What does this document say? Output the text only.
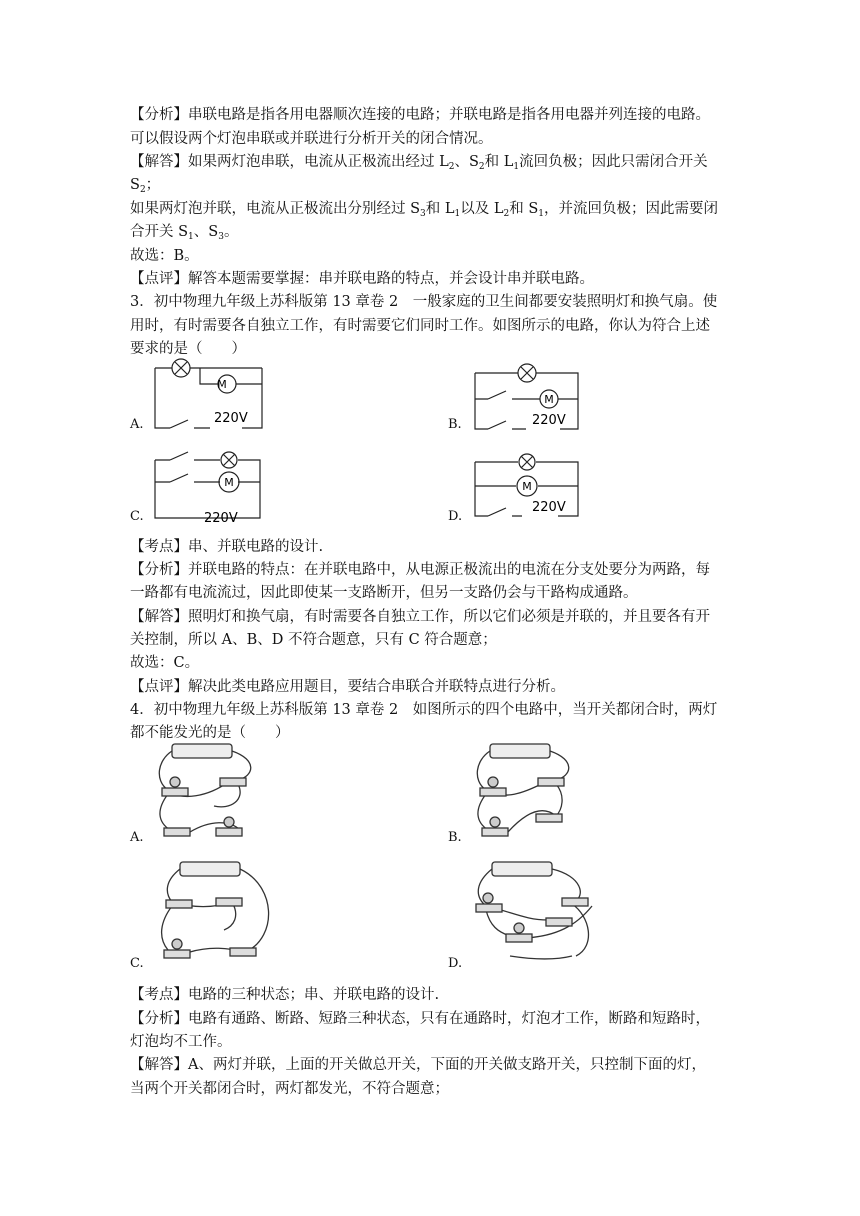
【分析】串联电路是指各用电器顺次连接的电路；并联电路是指各用电器并列连接的电路。
可以假设两个灯泡串联或并联进行分析开关的闭合情况。
【解答】如果两灯泡串联，电流从正极流出经过 $L_2$、$S_2$和 $L_1$流回负极；因此只需闭合开关
$S_2$；
如果两灯泡并联，电流从正极流出分别经过 $S_3$和 $L_1$以及 $L_2$和 $S_1$，并流回负极；因此需要闭
合开关 $S_1$、$S_3$。
故选：B。
【点评】解答本题需要掌握：串并联电路的特点，并会设计串并联电路。
3．初中物理九年级上苏科版第 13 章卷 2　一般家庭的卫生间都要安装照明灯和换气扇。使
用时，有时需要各自独立工作，有时需要它们同时工作。如图所示的电路，你认为符合上述
要求的是（　　）
A.
M
220V	B.
M
220V
C.
M
220V	D.
M
220V
【考点】串、并联电路的设计.
【分析】并联电路的特点：在并联电路中，从电源正极流出的电流在分支处要分为两路，每
一路都有电流流过，因此即使某一支路断开，但另一支路仍会与干路构成通路。
【解答】照明灯和换气扇，有时需要各自独立工作，所以它们必须是并联的，并且要各有开
关控制，所以 A、B、D 不符合题意，只有 C 符合题意；
故选：C。
【点评】解决此类电路应用题目，要结合串联合并联特点进行分析。
4．初中物理九年级上苏科版第 13 章卷 2　如图所示的四个电路中，当开关都闭合时，两灯
都不能发光的是（　　）
A.	B.
C.	D.
【考点】电路的三种状态；串、并联电路的设计.
【分析】电路有通路、断路、短路三种状态，只有在通路时，灯泡才工作，断路和短路时，
灯泡均不工作。
【解答】A、两灯并联，上面的开关做总开关，下面的开关做支路开关，只控制下面的灯，
当两个开关都闭合时，两灯都发光，不符合题意；
